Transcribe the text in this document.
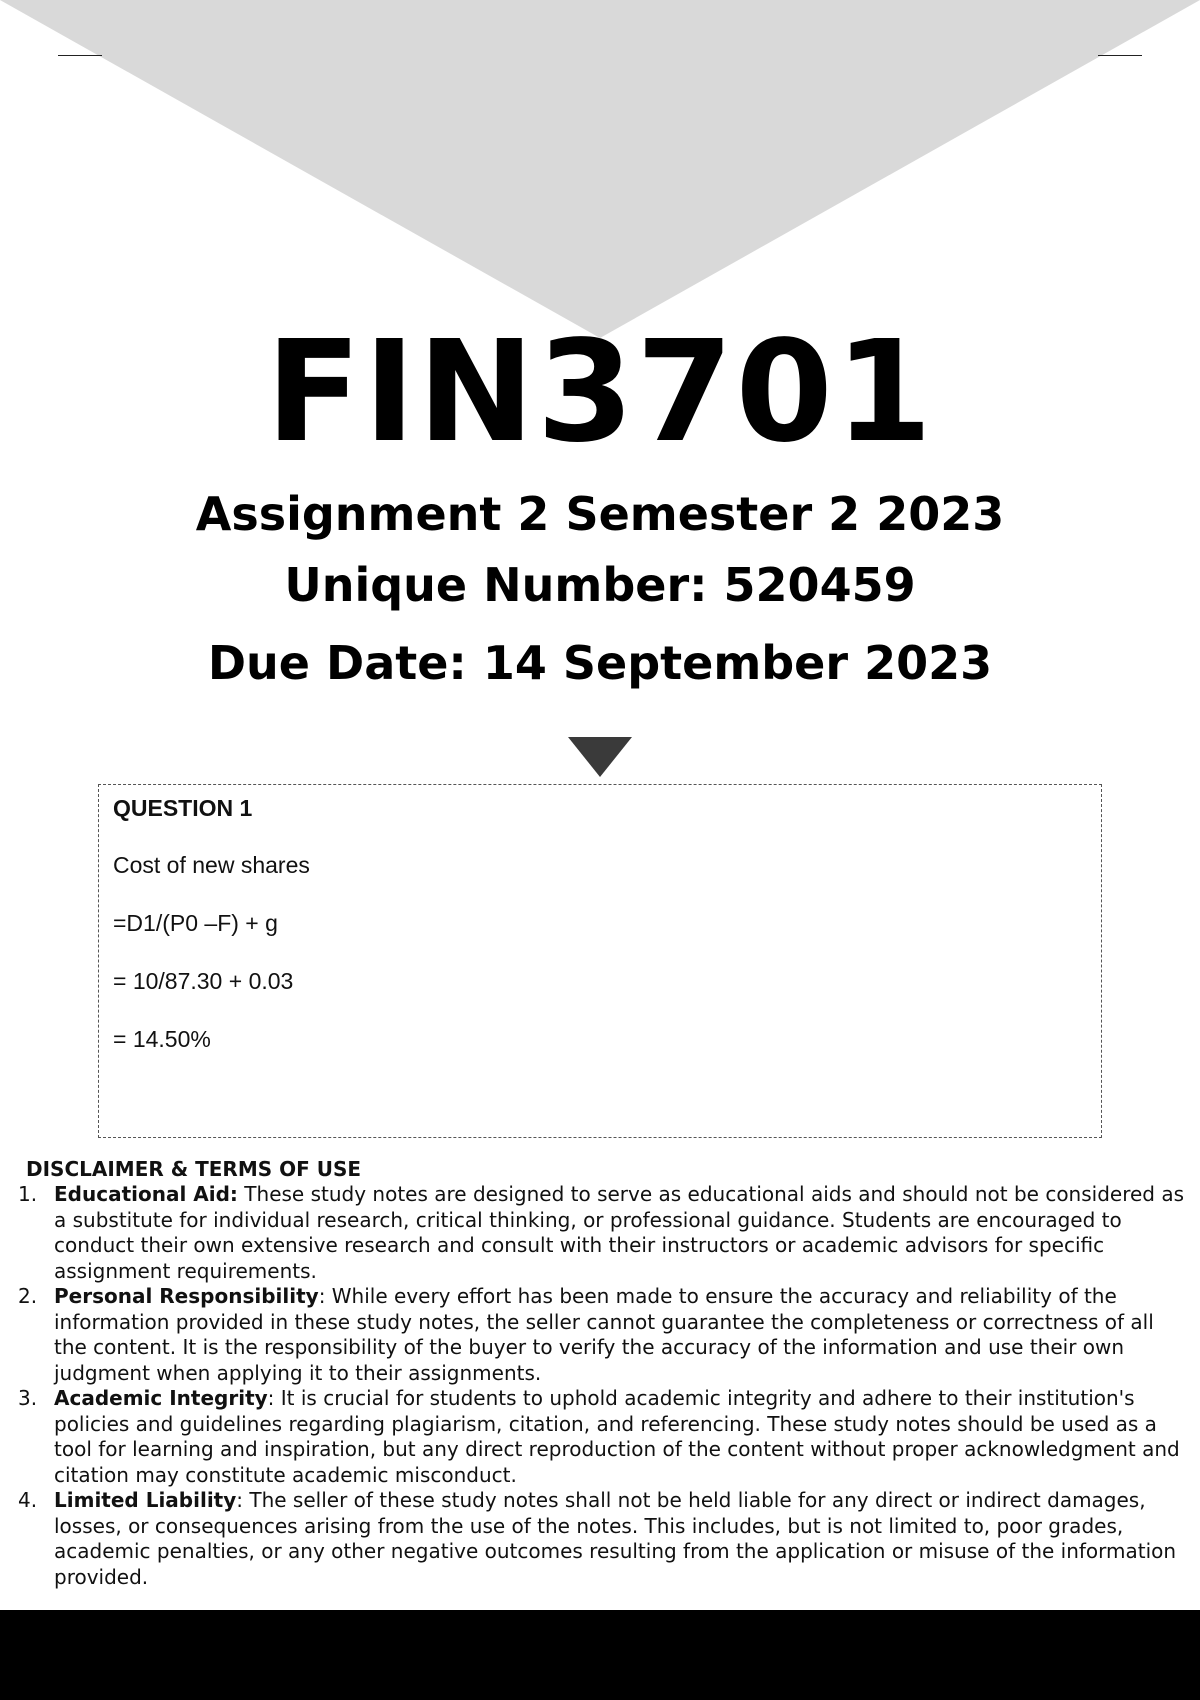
FIN3701
Assignment 2 Semester 2 2023
Unique Number: 520459
Due Date: 14 September 2023
QUESTION 1
Cost of new shares
=D1/(P0 –F) + g
= 10/87.30 + 0.03
= 14.50%
DISCLAIMER & TERMS OF USE
1. Educational Aid: These study notes are designed to serve as educational aids and should not be considered as a substitute for individual research, critical thinking, or professional guidance. Students are encouraged to conduct their own extensive research and consult with their instructors or academic advisors for specific assignment requirements.
2. Personal Responsibility: While every effort has been made to ensure the accuracy and reliability of the information provided in these study notes, the seller cannot guarantee the completeness or correctness of all the content. It is the responsibility of the buyer to verify the accuracy of the information and use their own judgment when applying it to their assignments.
3. Academic Integrity: It is crucial for students to uphold academic integrity and adhere to their institution's policies and guidelines regarding plagiarism, citation, and referencing. These study notes should be used as a tool for learning and inspiration, but any direct reproduction of the content without proper acknowledgment and citation may constitute academic misconduct.
4. Limited Liability: The seller of these study notes shall not be held liable for any direct or indirect damages, losses, or consequences arising from the use of the notes. This includes, but is not limited to, poor grades, academic penalties, or any other negative outcomes resulting from the application or misuse of the information provided.
